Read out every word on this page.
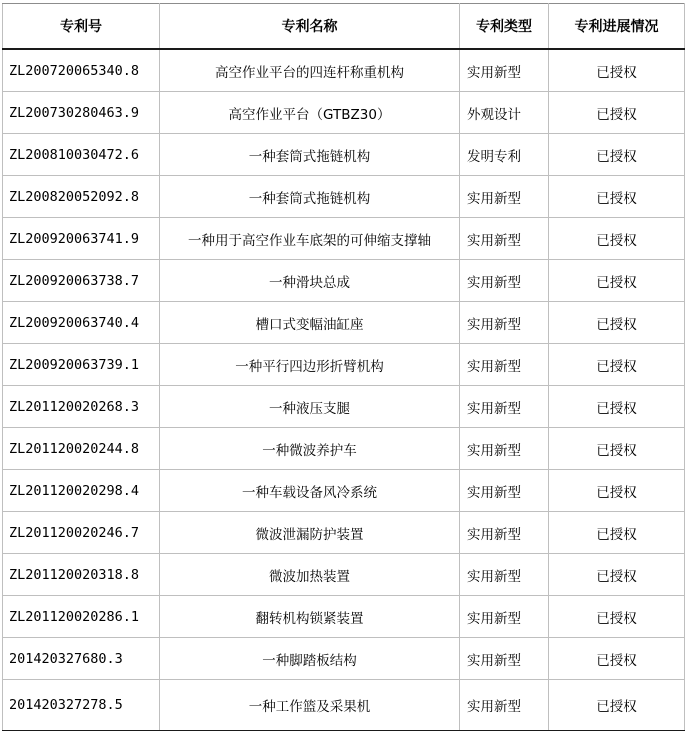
专利号	专利名称	专利类型	专利进展情况
ZL200720065340.8	高空作业平台的四连杆称重机构	实用新型	已授权
ZL200730280463.9	高空作业平台（GTBZ30）	外观设计	已授权
ZL200810030472.6	一种套筒式拖链机构	发明专利	已授权
ZL200820052092.8	一种套筒式拖链机构	实用新型	已授权
ZL200920063741.9	一种用于高空作业车底架的可伸缩支撑轴	实用新型	已授权
ZL200920063738.7	一种滑块总成	实用新型	已授权
ZL200920063740.4	槽口式变幅油缸座	实用新型	已授权
ZL200920063739.1	一种平行四边形折臂机构	实用新型	已授权
ZL201120020268.3	一种液压支腿	实用新型	已授权
ZL201120020244.8	一种微波养护车	实用新型	已授权
ZL201120020298.4	一种车载设备风冷系统	实用新型	已授权
ZL201120020246.7	微波泄漏防护装置	实用新型	已授权
ZL201120020318.8	微波加热装置	实用新型	已授权
ZL201120020286.1	翻转机构锁紧装置	实用新型	已授权
201420327680.3	一种脚踏板结构	实用新型	已授权
201420327278.5	一种工作篮及采果机	实用新型	已授权
